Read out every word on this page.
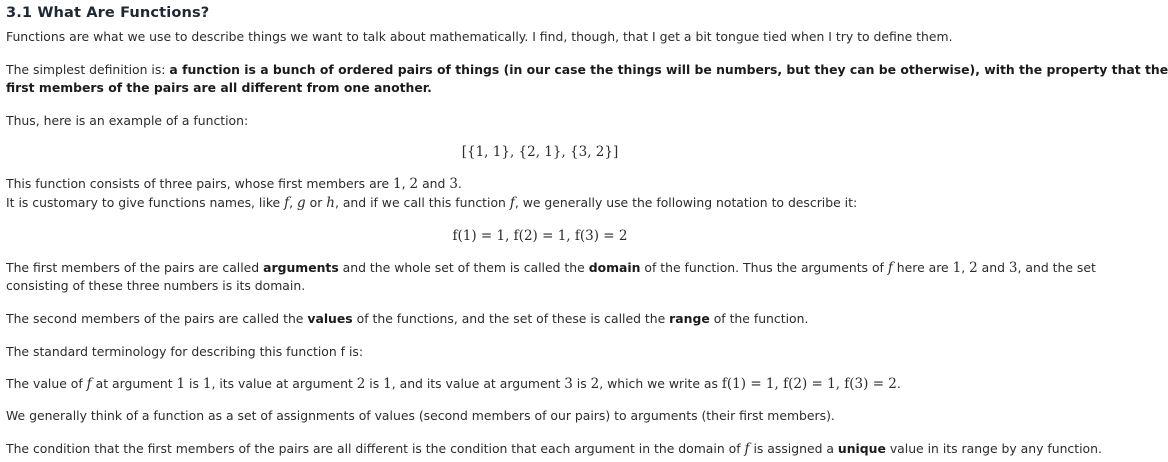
3.1 What Are Functions?
Functions are what we use to describe things we want to talk about mathematically. I find, though, that I get a bit tongue tied when I try to define them.
The simplest definition is: a function is a bunch of ordered pairs of things (in our case the things will be numbers, but they can be otherwise), with the property that the
first members of the pairs are all different from one another.
Thus, here is an example of a function:
[{1, 1}, {2, 1}, {3, 2}]
This function consists of three pairs, whose first members are 1, 2 and 3.
It is customary to give functions names, like f, g or h, and if we call this function f, we generally use the following notation to describe it:
f(1) = 1, f(2) = 1, f(3) = 2
The first members of the pairs are called arguments and the whole set of them is called the domain of the function. Thus the arguments of f here are 1, 2 and 3, and the set
consisting of these three numbers is its domain.
The second members of the pairs are called the values of the functions, and the set of these is called the range of the function.
The standard terminology for describing this function f is:
The value of f at argument 1 is 1, its value at argument 2 is 1, and its value at argument 3 is 2, which we write as f(1) = 1, f(2) = 1, f(3) = 2.
We generally think of a function as a set of assignments of values (second members of our pairs) to arguments (their first members).
The condition that the first members of the pairs are all different is the condition that each argument in the domain of f is assigned a unique value in its range by any function.
